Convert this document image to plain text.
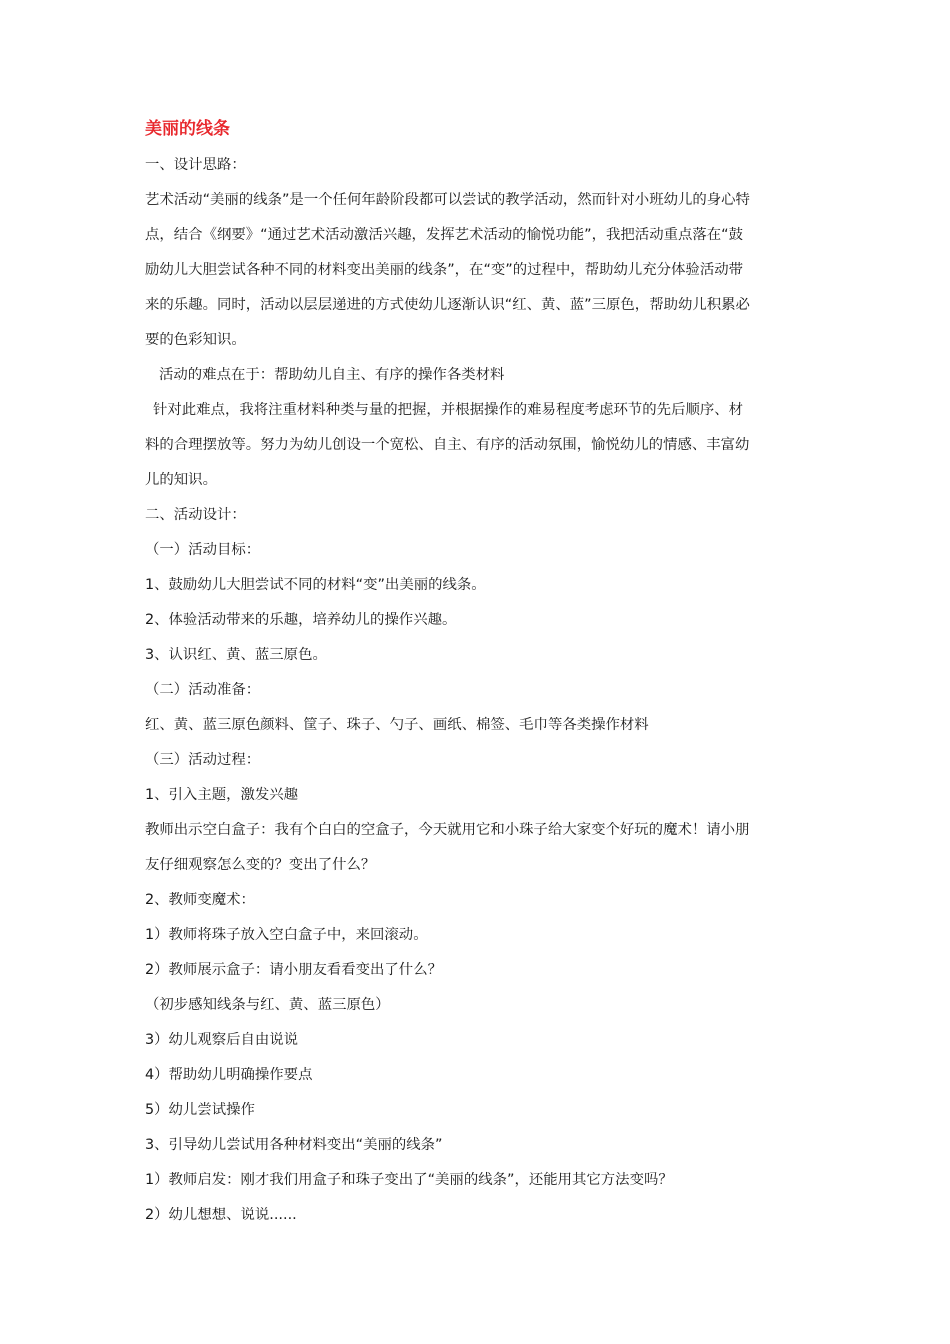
美丽的线条
一、设计思路：
艺术活动“美丽的线条”是一个任何年龄阶段都可以尝试的教学活动，然而针对小班幼儿的身心特
点，结合《纲要》“通过艺术活动激活兴趣，发挥艺术活动的愉悦功能”，我把活动重点落在“鼓
励幼儿大胆尝试各种不同的材料变出美丽的线条”，在“变”的过程中，帮助幼儿充分体验活动带
来的乐趣。同时，活动以层层递进的方式使幼儿逐渐认识“红、黄、蓝”三原色，帮助幼儿积累必
要的色彩知识。
活动的难点在于：帮助幼儿自主、有序的操作各类材料
针对此难点，我将注重材料种类与量的把握，并根据操作的难易程度考虑环节的先后顺序、材
料的合理摆放等。努力为幼儿创设一个宽松、自主、有序的活动氛围，愉悦幼儿的情感、丰富幼
儿的知识。
二、活动设计：
（一）活动目标：
1、鼓励幼儿大胆尝试不同的材料“变”出美丽的线条。
2、体验活动带来的乐趣，培养幼儿的操作兴趣。
3、认识红、黄、蓝三原色。
（二）活动准备：
红、黄、蓝三原色颜料、筐子、珠子、勺子、画纸、棉签、毛巾等各类操作材料
（三）活动过程：
1、引入主题，激发兴趣
教师出示空白盒子：我有个白白的空盒子，今天就用它和小珠子给大家变个好玩的魔术！请小朋
友仔细观察怎么变的？变出了什么？
2、教师变魔术：
1）教师将珠子放入空白盒子中，来回滚动。
2）教师展示盒子：请小朋友看看变出了什么？
（初步感知线条与红、黄、蓝三原色）
3）幼儿观察后自由说说
4）帮助幼儿明确操作要点
5）幼儿尝试操作
3、引导幼儿尝试用各种材料变出“美丽的线条”
1）教师启发：刚才我们用盒子和珠子变出了“美丽的线条”，还能用其它方法变吗？
2）幼儿想想、说说......
